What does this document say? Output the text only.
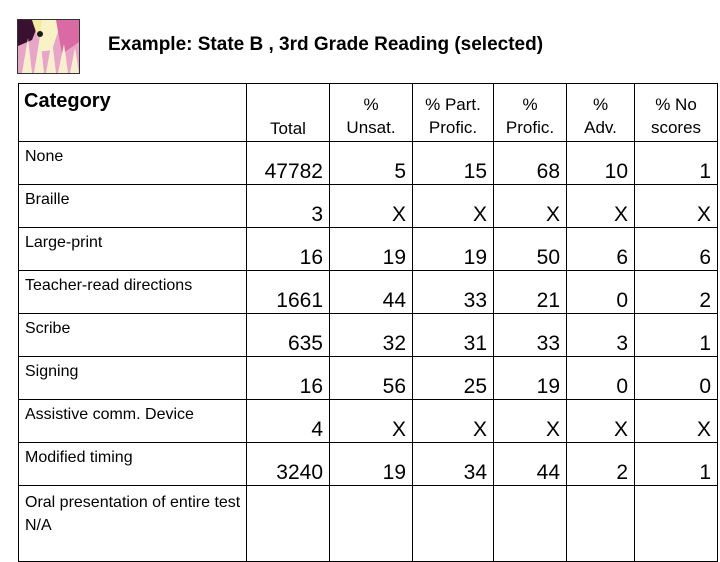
Example: State B , 3rd Grade Reading (selected)
Category	Total	% Unsat.	% Part. Profic.	% Profic.	% Adv.	% No scores
None	47782	5	15	68	10	1
Braille	3	X	X	X	X	X
Large-print	16	19	19	50	6	6
Teacher-read directions	1661	44	33	21	0	2
Scribe	635	32	31	33	3	1
Signing	16	56	25	19	0	0
Assistive comm. Device	4	X	X	X	X	X
Modified timing	3240	19	34	44	2	1
Oral presentation of entire test N/A						
